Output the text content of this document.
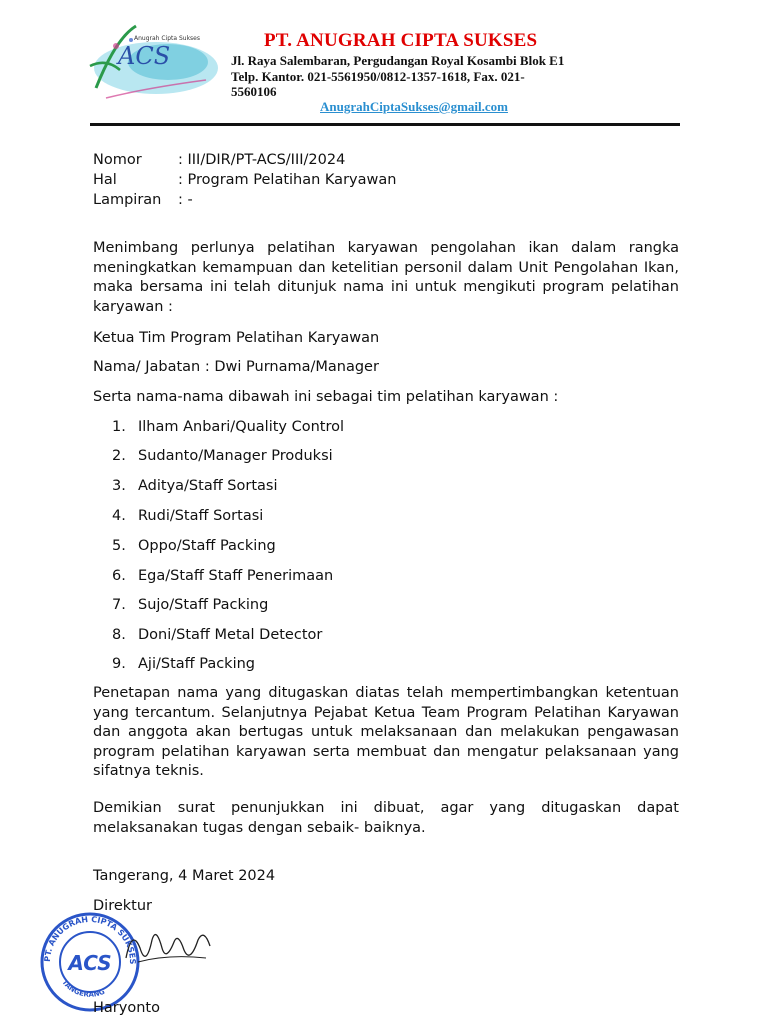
ACS
Anugrah Cipta Sukses	PT. ANUGRAH CIPTA SUKSES
Jl. Raya Salembaran, Pergudangan Royal Kosambi Blok E1
Telp. Kantor. 021-5561950/0812-1357-1618, Fax. 021-
5560106
AnugrahCiptaSukses@gmail.com
Nomor	: III/DIR/PT-ACS/III/2024
Hal	: Program Pelatihan Karyawan
Lampiran : -
Menimbang perlunya pelatihan karyawan pengolahan ikan dalam rangka meningkatkan kemampuan dan ketelitian personil dalam Unit Pengolahan Ikan, maka bersama ini telah ditunjuk nama ini untuk mengikuti program pelatihan karyawan :
Ketua Tim Program Pelatihan Karyawan
Nama/ Jabatan : Dwi Purnama/Manager
Serta nama-nama dibawah ini sebagai tim pelatihan karyawan :
1. Ilham Anbari/Quality Control
2. Sudanto/Manager Produksi
3. Aditya/Staff Sortasi
4. Rudi/Staff Sortasi
5. Oppo/Staff Packing
6. Ega/Staff Staff Penerimaan
7. Sujo/Staff Packing
8. Doni/Staff Metal Detector
9. Aji/Staff Packing
Penetapan nama yang ditugaskan diatas telah mempertimbangkan ketentuan yang tercantum. Selanjutnya Pejabat Ketua Team Program Pelatihan Karyawan dan anggota akan bertugas untuk melaksanaan dan melakukan pengawasan program pelatihan karyawan serta membuat dan mengatur pelaksanaan yang sifatnya teknis.
Demikian surat penunjukkan ini dibuat, agar yang ditugaskan dapat melaksanakan tugas dengan sebaik- baiknya.
Tangerang, 4 Maret 2024
Direktur
PT. ANUGRAH CIPTA SUKSES
TANGERANG
ACS
Haryonto
